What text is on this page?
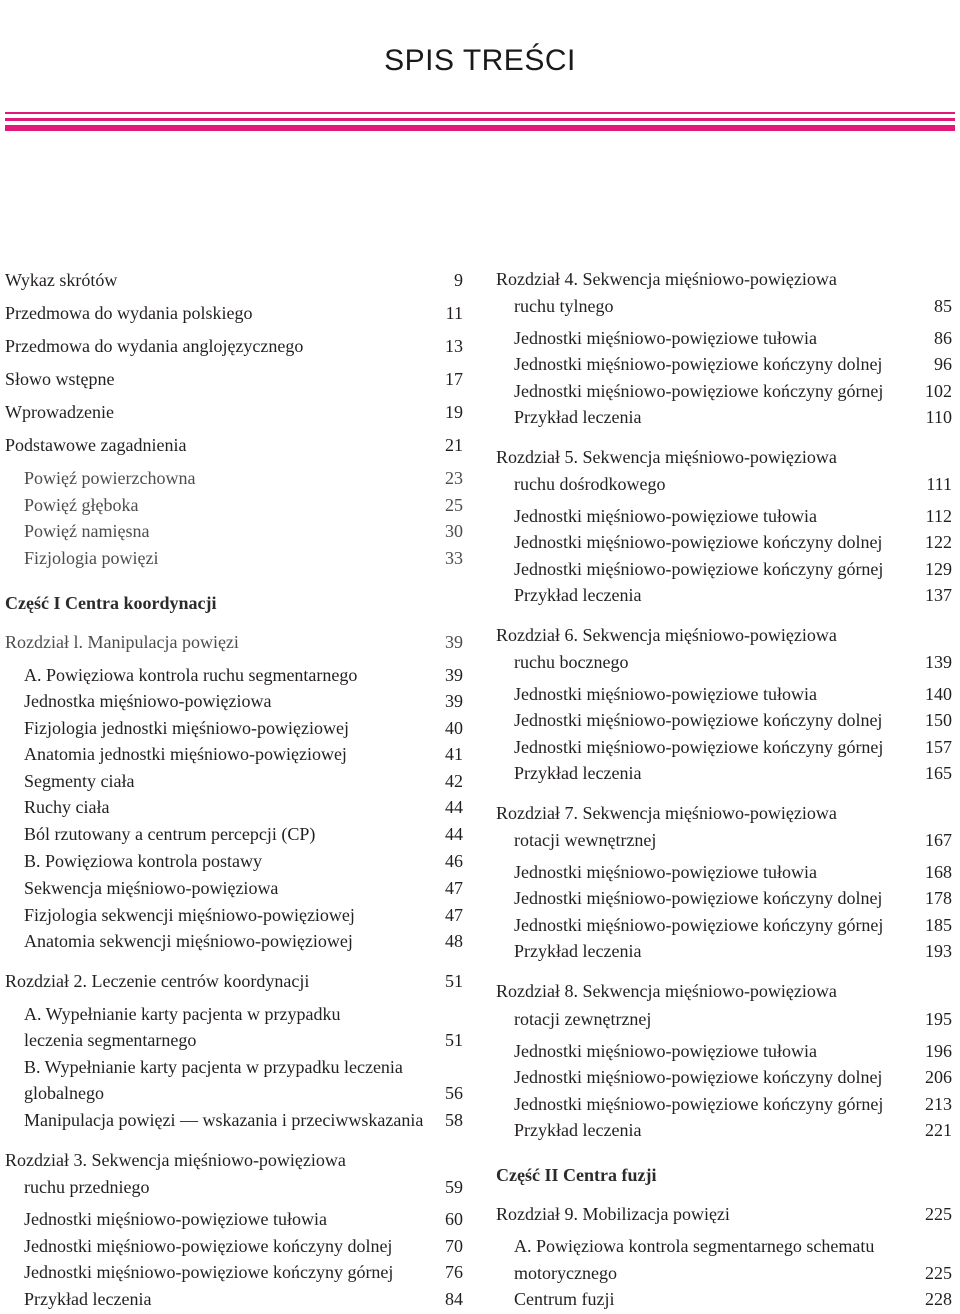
SPIS TREŚCI
Wykaz skrótów	9
Przedmowa do wydania polskiego	11
Przedmowa do wydania anglojęzycznego	13
Słowo wstępne	17
Wprowadzenie	19
Podstawowe zagadnienia	21
Powięź powierzchowna	23
Powięź głęboka	25
Powięź namięsna	30
Fizjologia powięzi	33
Część I Centra koordynacji
Rozdział l. Manipulacja powięzi	39
A. Powięziowa kontrola ruchu segmentarnego	39
Jednostka mięśniowo-powięziowa	39
Fizjologia jednostki mięśniowo-powięziowej	40
Anatomia jednostki mięśniowo-powięziowej	41
Segmenty ciała	42
Ruchy ciała	44
Ból rzutowany a centrum percepcji (CP)	44
B. Powięziowa kontrola postawy	46
Sekwencja mięśniowo-powięziowa	47
Fizjologia sekwencji mięśniowo-powięziowej	47
Anatomia sekwencji mięśniowo-powięziowej	48
Rozdział 2. Leczenie centrów koordynacji	51
A. Wypełnianie karty pacjenta w przypadku
leczenia segmentarnego	51
B. Wypełnianie karty pacjenta w przypadku leczenia
globalnego	56
Manipulacja powięzi — wskazania i przeciwwskazania 58
Rozdział 3. Sekwencja mięśniowo-powięziowa
ruchu przedniego	59
Jednostki mięśniowo-powięziowe tułowia	60
Jednostki mięśniowo-powięziowe kończyny dolnej	70
Jednostki mięśniowo-powięziowe kończyny górnej	76
Przykład leczenia	84
Rozdział 4. Sekwencja mięśniowo-powięziowa
ruchu tylnego	85
Jednostki mięśniowo-powięziowe tułowia	86
Jednostki mięśniowo-powięziowe kończyny dolnej	96
Jednostki mięśniowo-powięziowe kończyny górnej 102
Przykład leczenia	110
Rozdział 5. Sekwencja mięśniowo-powięziowa
ruchu dośrodkowego	111
Jednostki mięśniowo-powięziowe tułowia	112
Jednostki mięśniowo-powięziowe kończyny dolnej 122
Jednostki mięśniowo-powięziowe kończyny górnej 129
Przykład leczenia	137
Rozdział 6. Sekwencja mięśniowo-powięziowa
ruchu bocznego	139
Jednostki mięśniowo-powięziowe tułowia	140
Jednostki mięśniowo-powięziowe kończyny dolnej 150
Jednostki mięśniowo-powięziowe kończyny górnej 157
Przykład leczenia	165
Rozdział 7. Sekwencja mięśniowo-powięziowa
rotacji wewnętrznej	167
Jednostki mięśniowo-powięziowe tułowia	168
Jednostki mięśniowo-powięziowe kończyny dolnej 178
Jednostki mięśniowo-powięziowe kończyny górnej 185
Przykład leczenia	193
Rozdział 8. Sekwencja mięśniowo-powięziowa
rotacji zewnętrznej	195
Jednostki mięśniowo-powięziowe tułowia	196
Jednostki mięśniowo-powięziowe kończyny dolnej 206
Jednostki mięśniowo-powięziowe kończyny górnej 213
Przykład leczenia	221
Część II Centra fuzji
Rozdział 9. Mobilizacja powięzi	225
A. Powięziowa kontrola segmentarnego schematu
motorycznego	225
Centrum fuzji	228
